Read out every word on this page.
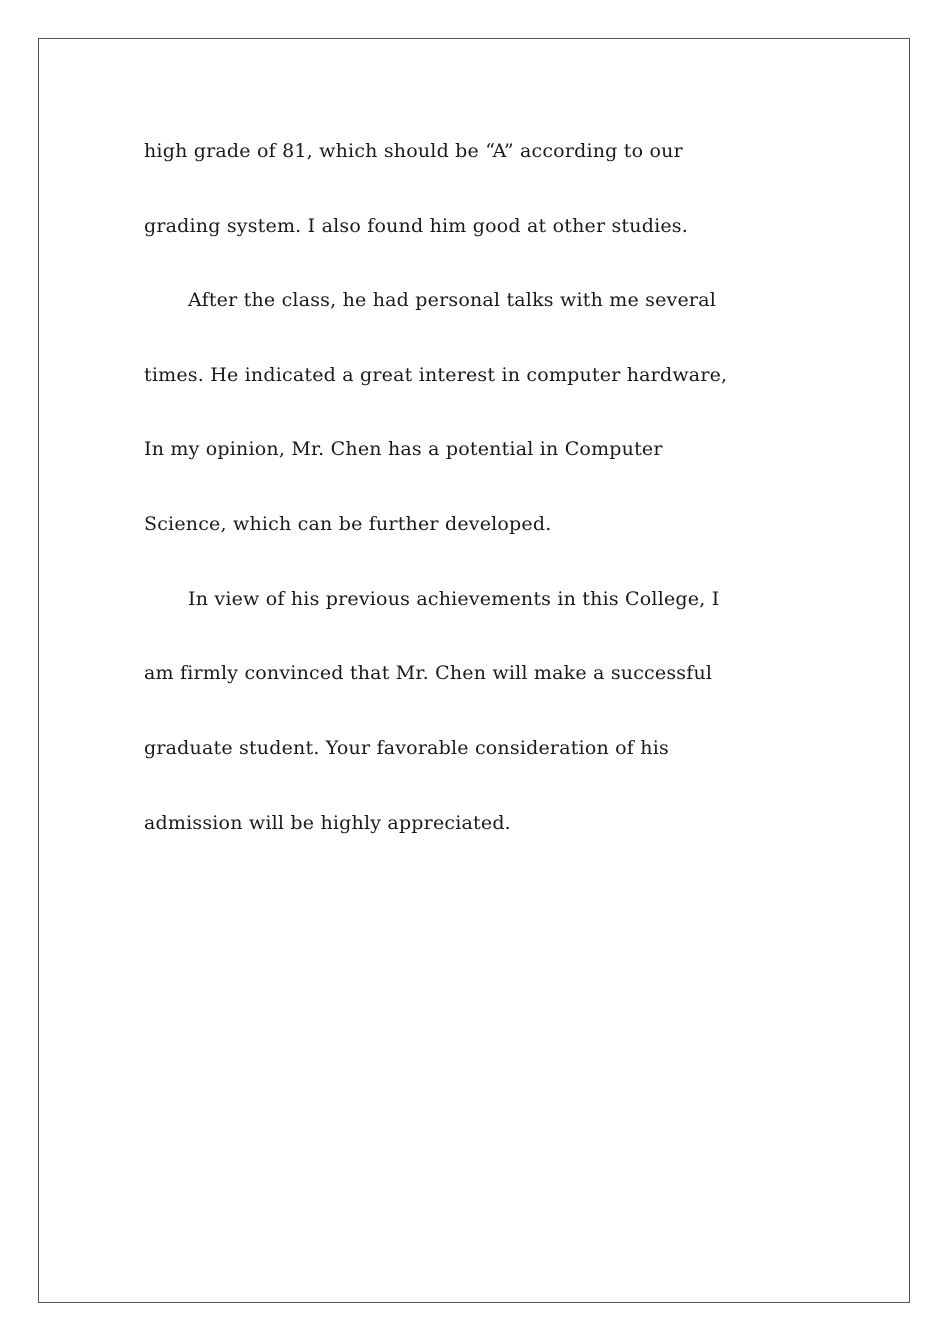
high grade of 81, which should be “A” according to our
grading system. I also found him good at other studies.
After the class, he had personal talks with me several
times. He indicated a great interest in computer hardware,
In my opinion, Mr. Chen has a potential in Computer
Science, which can be further developed.
In view of his previous achievements in this College, I
am firmly convinced that Mr. Chen will make a successful
graduate student. Your favorable consideration of his
admission will be highly appreciated.
